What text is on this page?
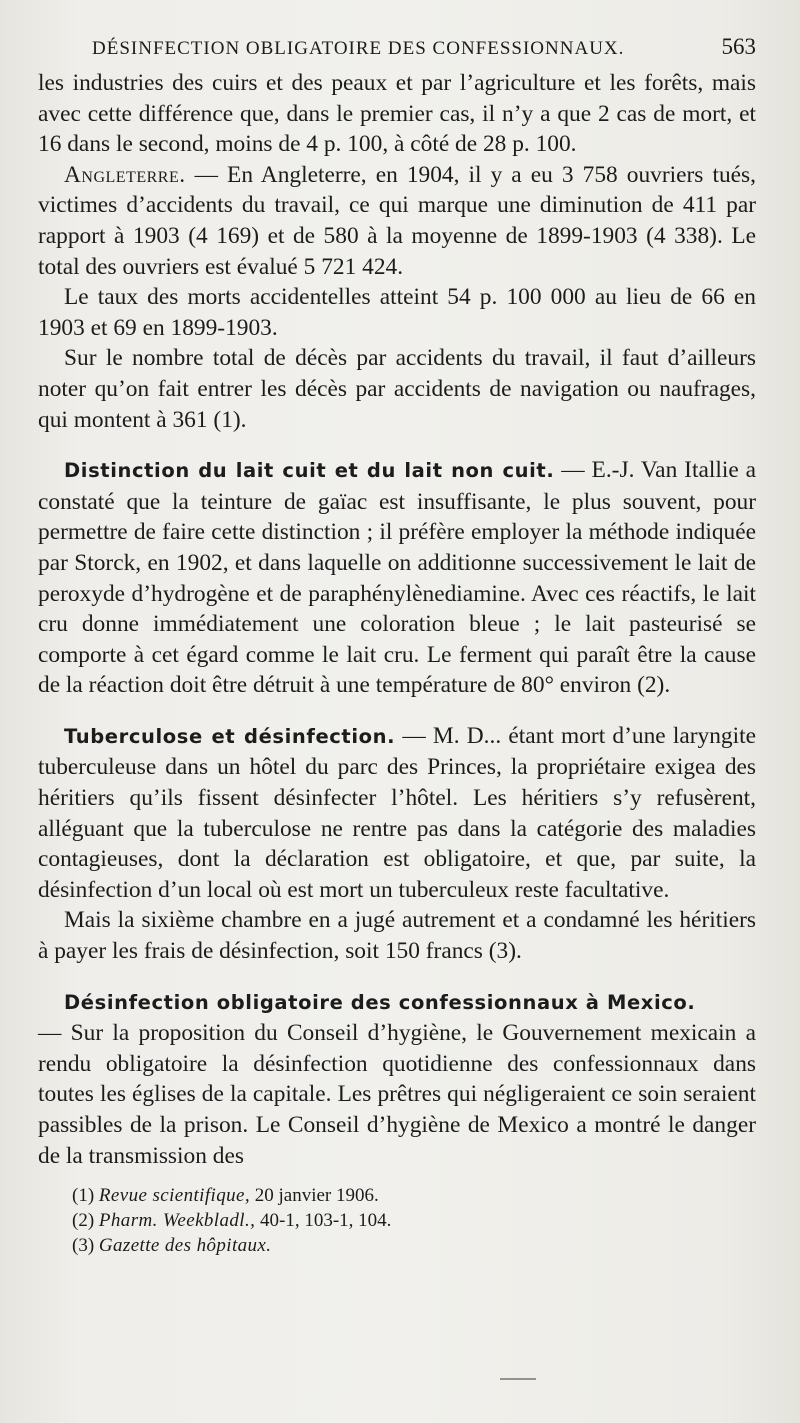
DÉSINFECTION OBLIGATOIRE DES CONFESSIONNAUX.	563

les industries des cuirs et des peaux et par l’agriculture et les forêts, mais avec cette différence que, dans le premier cas, il n’y a que 2 cas de mort, et 16 dans le second, moins de 4 p. 100, à côté de 28 p. 100.

Angleterre. — En Angleterre, en 1904, il y a eu 3 758 ouvriers tués, victimes d’accidents du travail, ce qui marque une diminution de 411 par rapport à 1903 (4 169) et de 580 à la moyenne de 1899-1903 (4 338). Le total des ouvriers est évalué 5 721 424.

Le taux des morts accidentelles atteint 54 p. 100 000 au lieu de 66 en 1903 et 69 en 1899-1903.

Sur le nombre total de décès par accidents du travail, il faut d’ailleurs noter qu’on fait entrer les décès par accidents de navigation ou naufrages, qui montent à 361 (1).

Distinction du lait cuit et du lait non cuit. — E.-J. Van Itallie a constaté que la teinture de gaïac est insuffisante, le plus souvent, pour permettre de faire cette distinction ; il préfère employer la méthode indiquée par Storck, en 1902, et dans laquelle on additionne successivement le lait de peroxyde d’hydrogène et de paraphénylènediamine. Avec ces réactifs, le lait cru donne immédiatement une coloration bleue ; le lait pasteurisé se comporte à cet égard comme le lait cru. Le ferment qui paraît être la cause de la réaction doit être détruit à une température de 80° environ (2).

Tuberculose et désinfection. — M. D... étant mort d’une laryngite tuberculeuse dans un hôtel du parc des Princes, la propriétaire exigea des héritiers qu’ils fissent désinfecter l’hôtel. Les héritiers s’y refusèrent, alléguant que la tuberculose ne rentre pas dans la catégorie des maladies contagieuses, dont la déclaration est obligatoire, et que, par suite, la désinfection d’un local où est mort un tuberculeux reste facultative.

Mais la sixième chambre en a jugé autrement et a condamné les héritiers à payer les frais de désinfection, soit 150 francs (3).

Désinfection obligatoire des confessionnaux à Mexico.

— Sur la proposition du Conseil d’hygiène, le Gouvernement mexicain a rendu obligatoire la désinfection quotidienne des confessionnaux dans toutes les églises de la capitale. Les prêtres qui négligeraient ce soin seraient passibles de la prison. Le Conseil d’hygiène de Mexico a montré le danger de la transmission des

(1) Revue scientifique, 20 janvier 1906.
(2) Pharm. Weekbladl., 40-1, 103-1, 104.
(3) Gazette des hôpitaux.
